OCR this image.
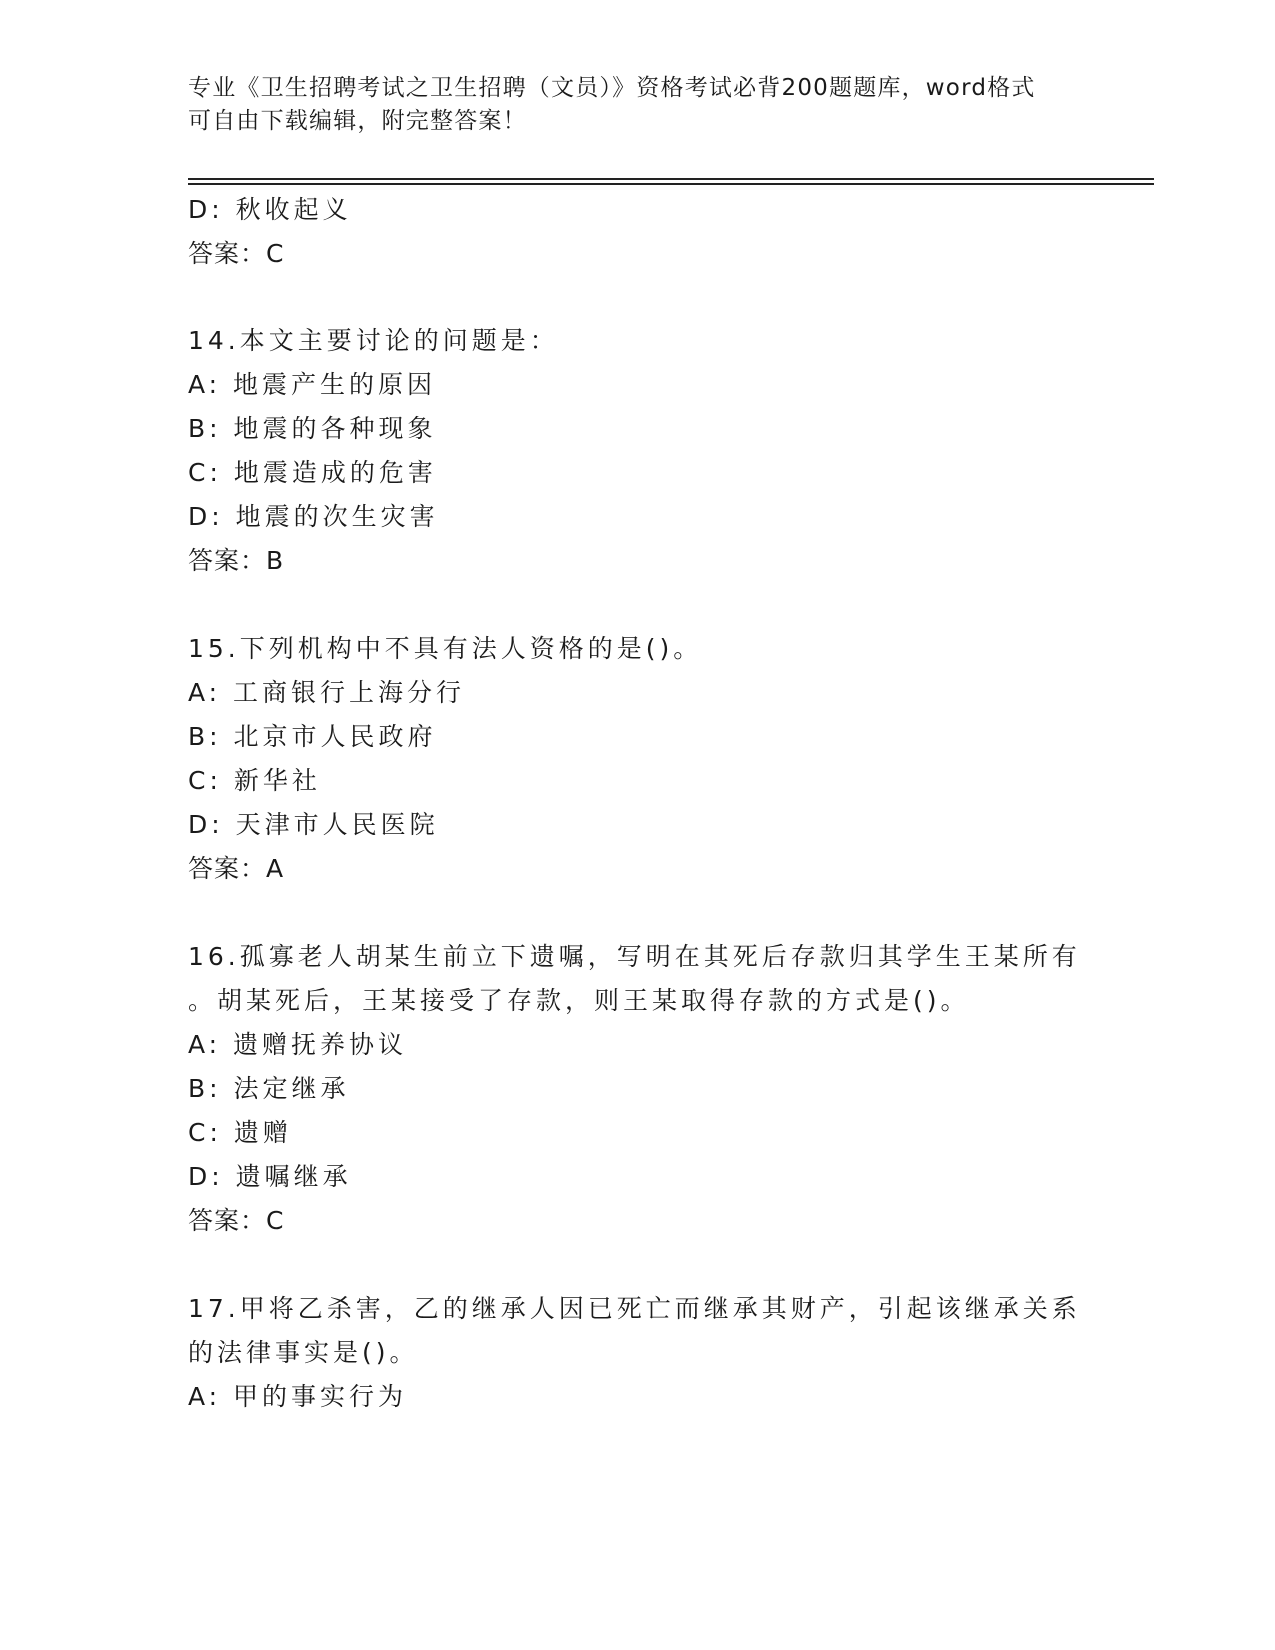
专业《卫生招聘考试之卫生招聘（文员）》资格考试必背200题题库，word格式
可自由下载编辑，附完整答案！
D: 秋收起义
答案：C
14.本文主要讨论的问题是：
A: 地震产生的原因
B: 地震的各种现象
C: 地震造成的危害
D: 地震的次生灾害
答案：B
15.下列机构中不具有法人资格的是()。
A: 工商银行上海分行
B: 北京市人民政府
C: 新华社
D: 天津市人民医院
答案：A
16.孤寡老人胡某生前立下遗嘱，写明在其死后存款归其学生王某所有
。胡某死后，王某接受了存款，则王某取得存款的方式是()。
A: 遗赠抚养协议
B: 法定继承
C: 遗赠
D: 遗嘱继承
答案：C
17.甲将乙杀害，乙的继承人因已死亡而继承其财产，引起该继承关系
的法律事实是()。
A: 甲的事实行为
